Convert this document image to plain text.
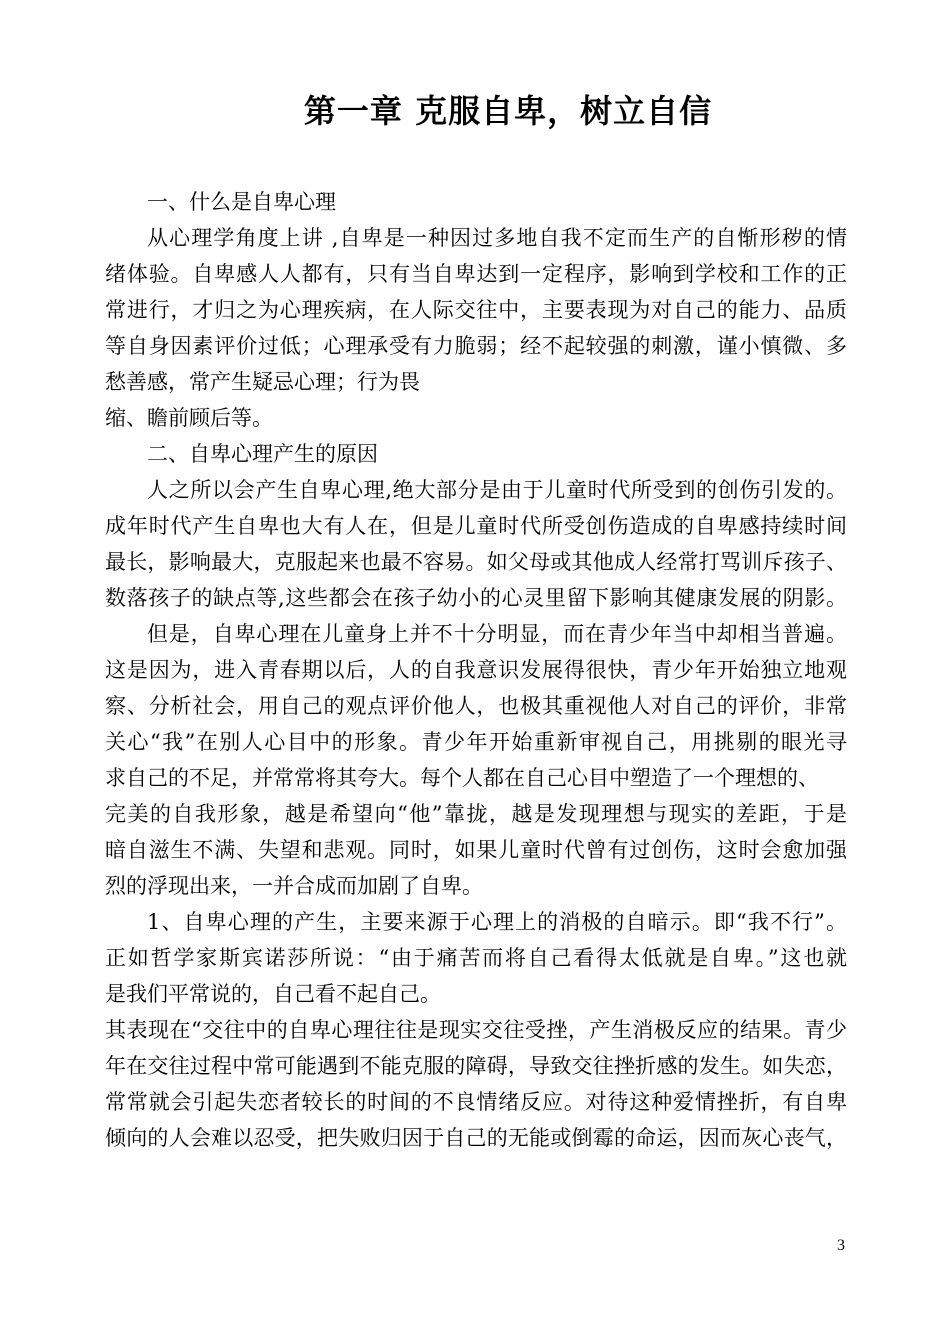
第一章 克服自卑，树立自信

一、什么是自卑心理

从心理学角度上讲 ,自卑是一种因过多地自我不定而生产的自惭形秽的情

绪体验。自卑感人人都有，只有当自卑达到一定程序，影响到学校和工作的正

常进行，才归之为心理疾病，在人际交往中，主要表现为对自己的能力、品质

等自身因素评价过低；心理承受有力脆弱；经不起较强的刺激，谨小慎微、多

愁善感，常产生疑忌心理；行为畏

缩、瞻前顾后等。

二、自卑心理产生的原因

人之所以会产生自卑心理,绝大部分是由于儿童时代所受到的创伤引发的。

成年时代产生自卑也大有人在，但是儿童时代所受创伤造成的自卑感持续时间

最长，影响最大，克服起来也最不容易。如父母或其他成人经常打骂训斥孩子、

数落孩子的缺点等,这些都会在孩子幼小的心灵里留下影响其健康发展的阴影。

但是，自卑心理在儿童身上并不十分明显，而在青少年当中却相当普遍。

这是因为，进入青春期以后，人的自我意识发展得很快，青少年开始独立地观

察、分析社会，用自己的观点评价他人，也极其重视他人对自己的评价，非常

关心“我”在别人心目中的形象。青少年开始重新审视自己，用挑剔的眼光寻

求自己的不足，并常常将其夸大。每个人都在自己心目中塑造了一个理想的、

完美的自我形象，越是希望向“他”靠拢，越是发现理想与现实的差距，于是

暗自滋生不满、失望和悲观。同时，如果儿童时代曾有过创伤，这时会愈加强

烈的浮现出来，一并合成而加剧了自卑。

1、自卑心理的产生，主要来源于心理上的消极的自暗示。即“我不行”。

正如哲学家斯宾诺莎所说：“由于痛苦而将自己看得太低就是自卑。”这也就

是我们平常说的，自己看不起自己。

其表现在“交往中的自卑心理往往是现实交往受挫，产生消极反应的结果。青少

年在交往过程中常可能遇到不能克服的障碍，导致交往挫折感的发生。如失恋，

常常就会引起失恋者较长的时间的不良情绪反应。对待这种爱情挫折，有自卑

倾向的人会难以忍受，把失败归因于自己的无能或倒霉的命运，因而灰心丧气，

3
